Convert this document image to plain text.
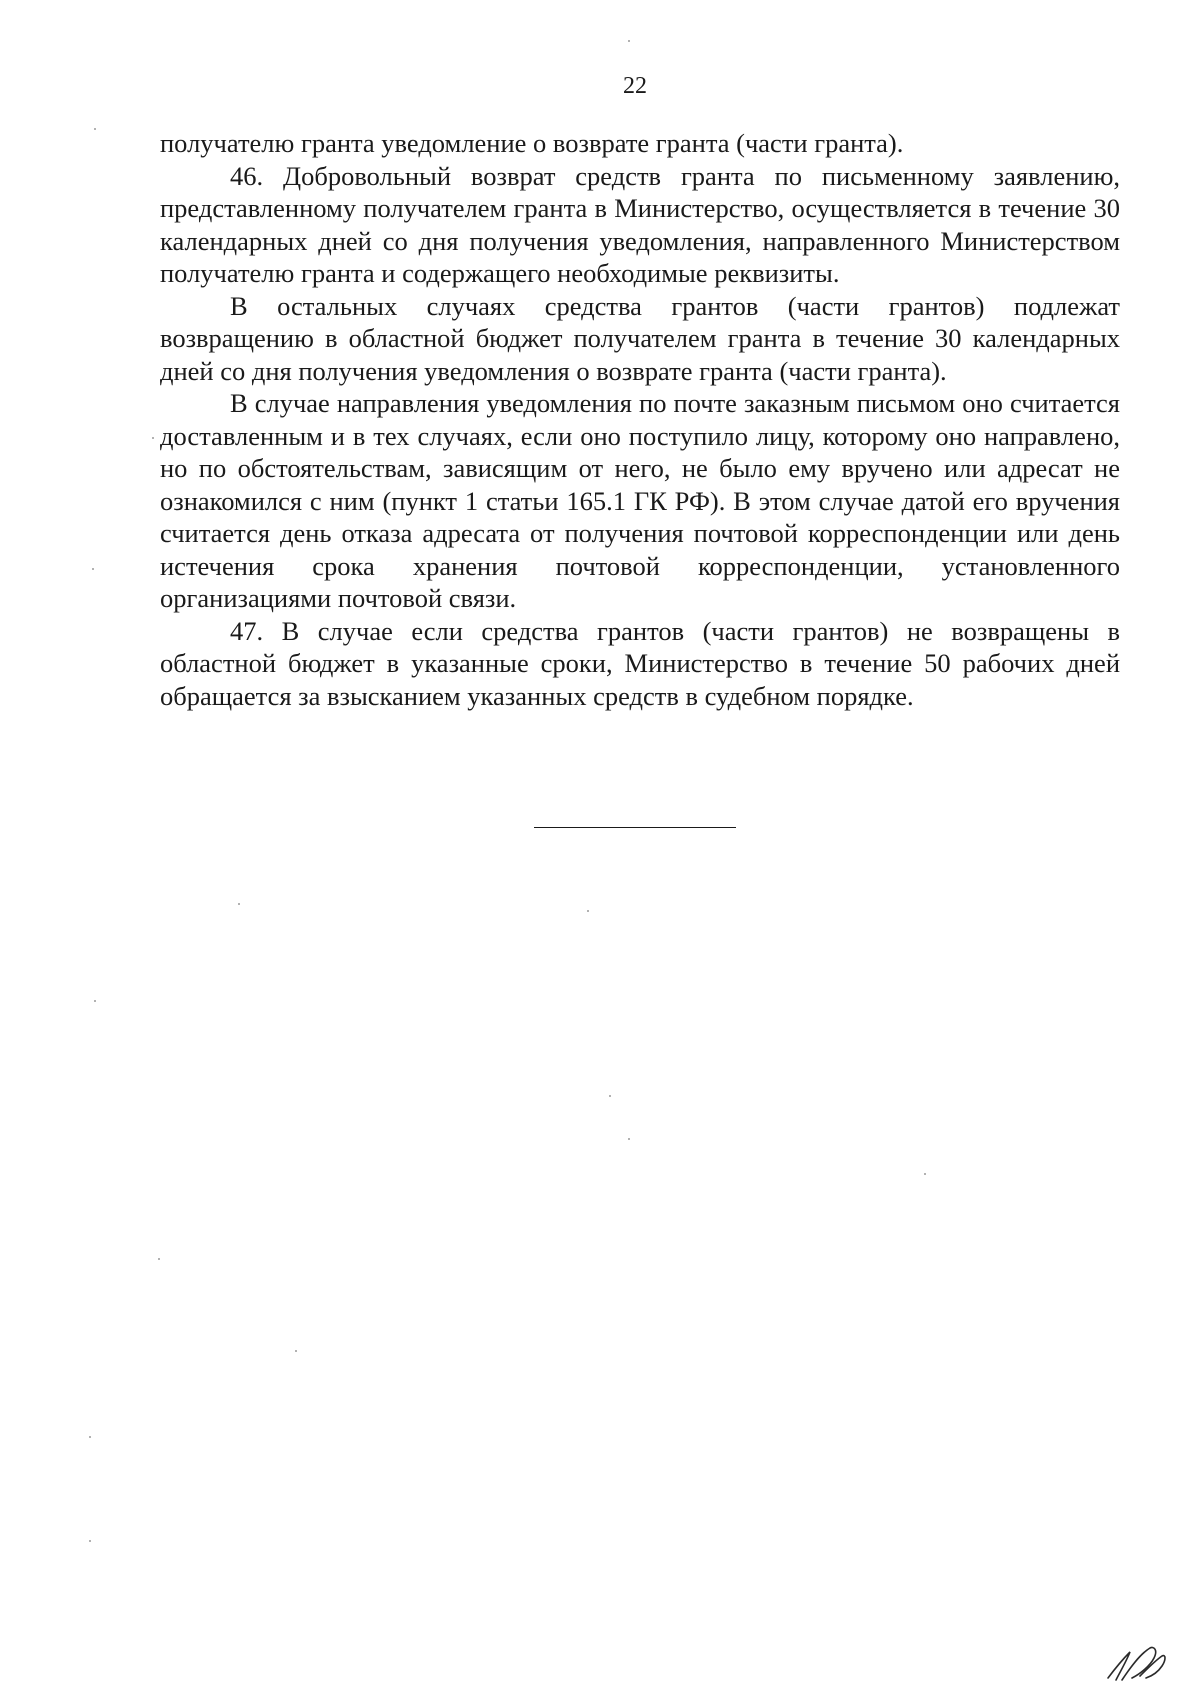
22

получателю гранта уведомление о возврате гранта (части гранта).

46. Добровольный возврат средств гранта по письменному заявлению, представленному получателем гранта в Министерство, осуществляется в течение 30 календарных дней со дня получения уведомления, направленного Министерством получателю гранта и содержащего необходимые реквизиты.

В остальных случаях средства грантов (части грантов) подлежат возвращению в областной бюджет получателем гранта в течение 30 календарных дней со дня получения уведомления о возврате гранта (части гранта).

В случае направления уведомления по почте заказным письмом оно считается доставленным и в тех случаях, если оно поступило лицу, которому оно направлено, но по обстоятельствам, зависящим от него, не было ему вручено или адресат не ознакомился с ним (пункт 1 статьи 165.1 ГК РФ). В этом случае датой его вручения считается день отказа адресата от получения почтовой корреспонденции или день истечения срока хранения почтовой корреспонденции, установленного организациями почтовой связи.

47. В случае если средства грантов (части грантов) не возвращены в областной бюджет в указанные сроки, Министерство в течение 50 рабочих дней обращается за взысканием указанных средств в судебном порядке.
